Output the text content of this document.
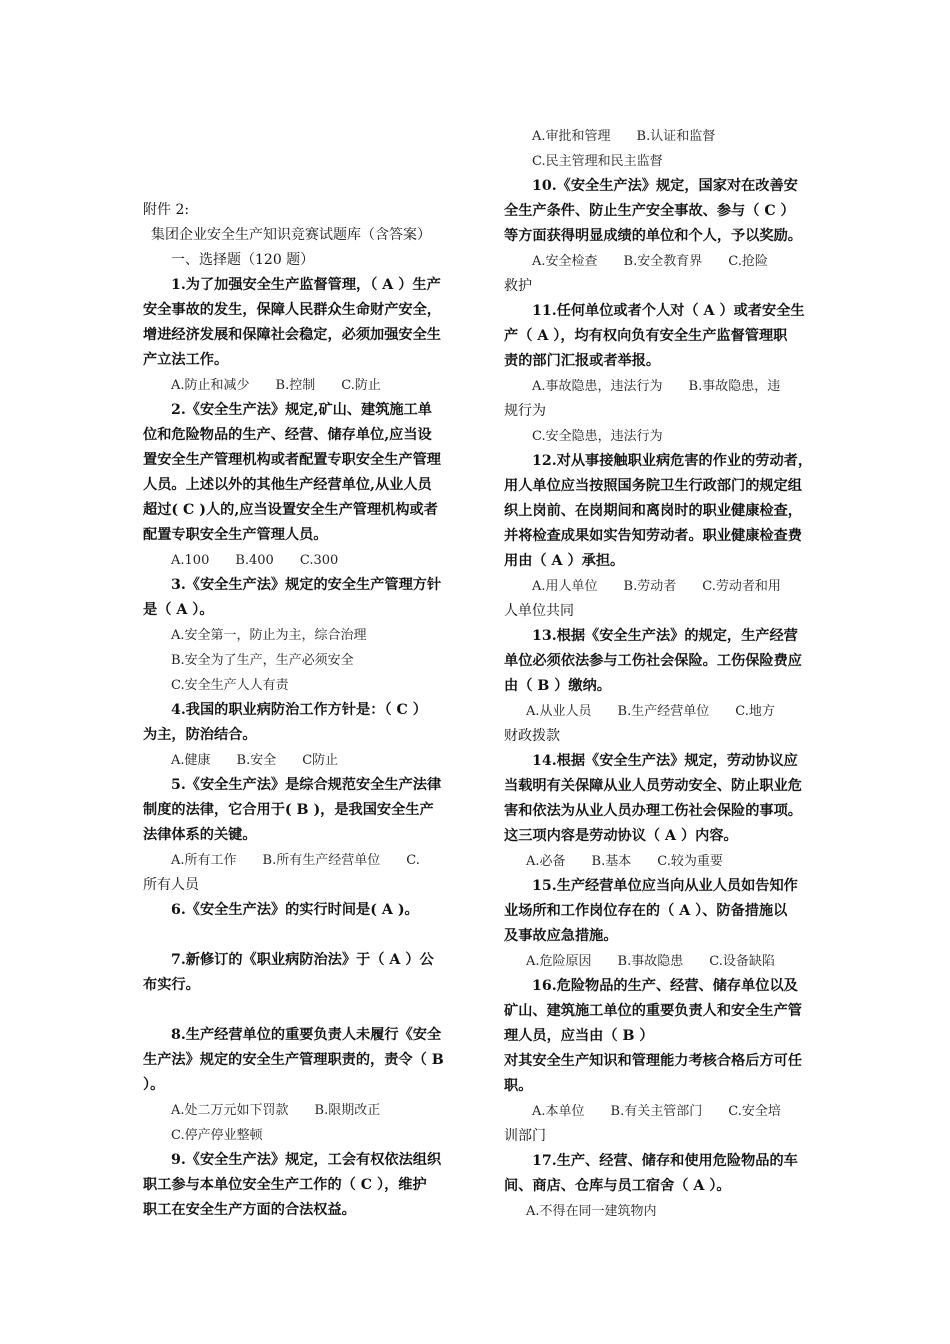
附件 2:
集团企业安全生产知识竞赛试题库（含答案）
一、选择题（120 题）
1.为了加强安全生产监督管理，（ A ）生产
安全事故的发生，保障人民群众生命财产安全，
增进经济发展和保障社会稳定，必须加强安全生
产立法工作。
A.防止和减少　　B.控制　　C.防止
2.《安全生产法》规定,矿山、建筑施工单
位和危险物品的生产、经营、储存单位,应当设
置安全生产管理机构或者配置专职安全生产管理
人员。上述以外的其他生产经营单位,从业人员
超过( C )人的,应当设置安全生产管理机构或者
配置专职安全生产管理人员。
A.100　　B.400　　C.300
3.《安全生产法》规定的安全生产管理方针
是（ A ）。
A.安全第一，防止为主，综合治理
B.安全为了生产，生产必须安全
C.安全生产人人有责
4.我国的职业病防治工作方针是：（ C ）
为主，防治结合。
A.健康　　B.安全　　C防止
5.《安全生产法》是综合规范安全生产法律
制度的法律，它合用于( B )，是我国安全生产
法律体系的关键。
A.所有工作　　B.所有生产经营单位　　C.
所有人员
6.《安全生产法》的实行时间是( A )。
7.新修订的《职业病防治法》于（ A ）公
布实行。
8.生产经营单位的重要负责人未履行《安全
生产法》规定的安全生产管理职责的，责令（ B
）。
A.处二万元如下罚款　　B.限期改正
C.停产停业整顿
9.《安全生产法》规定，工会有权依法组织
职工参与本单位安全生产工作的（ C ），维护
职工在安全生产方面的合法权益。
A.审批和管理　　B.认证和监督
C.民主管理和民主监督
10.《安全生产法》规定，国家对在改善安
全生产条件、防止生产安全事故、参与（ C ）
等方面获得明显成绩的单位和个人，予以奖励。
A.安全检查　　B.安全教育界　　C.抢险
救护
11.任何单位或者个人对（ A ）或者安全生
产（ A ），均有权向负有安全生产监督管理职
责的部门汇报或者举报。
A.事故隐患，违法行为　　B.事故隐患，违
规行为
C.安全隐患，违法行为
12.对从事接触职业病危害的作业的劳动者，
用人单位应当按照国务院卫生行政部门的规定组
织上岗前、在岗期间和离岗时的职业健康检查，
并将检查成果如实告知劳动者。职业健康检查费
用由（ A ）承担。
A.用人单位　　B.劳动者　　C.劳动者和用
人单位共同
13.根据《安全生产法》的规定，生产经营
单位必须依法参与工伤社会保险。工伤保险费应
由（ B ）缴纳。
A.从业人员　　B.生产经营单位　　C.地方
财政拨款
14.根据《安全生产法》规定，劳动协议应
当载明有关保障从业人员劳动安全、防止职业危
害和依法为从业人员办理工伤社会保险的事项。
这三项内容是劳动协议（ A ）内容。
A.必备　　B.基本　　C.较为重要
15.生产经营单位应当向从业人员如告知作
业场所和工作岗位存在的（ A ）、防备措施以
及事故应急措施。
A.危险原因　　B.事故隐患　　C.设备缺陷
16.危险物品的生产、经营、储存单位以及
矿山、建筑施工单位的重要负责人和安全生产管
理人员，应当由（ B ）
对其安全生产知识和管理能力考核合格后方可任
职。
A.本单位　　B.有关主管部门　　C.安全培
训部门
17.生产、经营、储存和使用危险物品的车
间、商店、仓库与员工宿舍（ A ）。
A.不得在同一建筑物内
